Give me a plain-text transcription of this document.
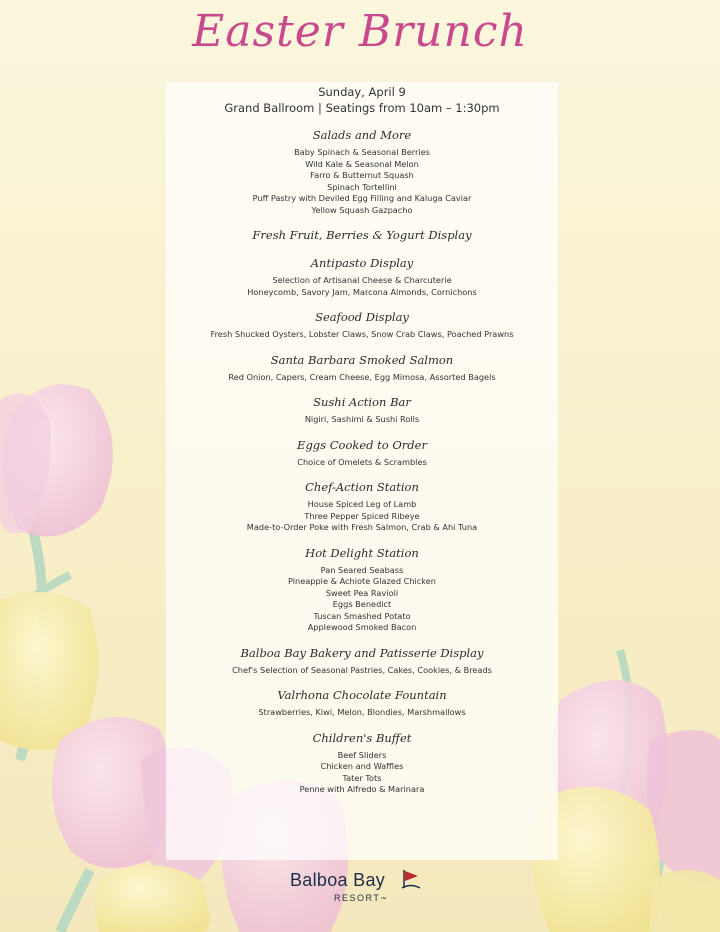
Easter Brunch
Sunday, April 9
Grand Ballroom | Seatings from 10am – 1:30pm
Salads and More
Baby Spinach & Seasonal Berries
Wild Kale & Seasonal Melon
Farro & Butternut Squash
Spinach Tortellini
Puff Pastry with Deviled Egg Filling and Kaluga Caviar
Yellow Squash Gazpacho
Fresh Fruit, Berries & Yogurt Display
Antipasto Display
Selection of Artisanal Cheese & Charcuterie
Honeycomb, Savory Jam, Marcona Almonds, Cornichons
Seafood Display
Fresh Shucked Oysters, Lobster Claws, Snow Crab Claws, Poached Prawns
Santa Barbara Smoked Salmon
Red Onion, Capers, Cream Cheese, Egg Mimosa, Assorted Bagels
Sushi Action Bar
Nigiri, Sashimi & Sushi Rolls
Eggs Cooked to Order
Choice of Omelets & Scrambles
Chef-Action Station
House Spiced Leg of Lamb
Three Pepper Spiced Ribeye
Made-to-Order Poke with Fresh Salmon, Crab & Ahi Tuna
Hot Delight Station
Pan Seared Seabass
Pineapple & Achiote Glazed Chicken
Sweet Pea Ravioli
Eggs Benedict
Tuscan Smashed Potato
Applewood Smoked Bacon
Balboa Bay Bakery and Patisserie Display
Chef's Selection of Seasonal Pastries, Cakes, Cookies, & Breads
Valrhona Chocolate Fountain
Strawberries, Kiwi, Melon, Blondies, Marshmallows
Children's Buffet
Beef Sliders
Chicken and Waffles
Tater Tots
Penne with Alfredo & Marinara
Balboa Bay
RESORT™
